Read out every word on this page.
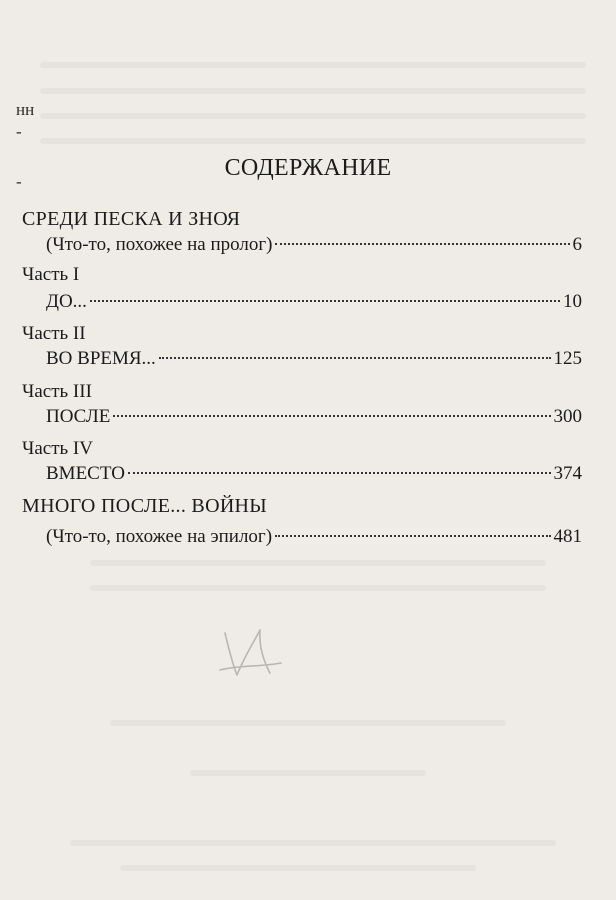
нн
-
-
СОДЕРЖАНИЕ
СРЕДИ ПЕСКА И ЗНОЯ
(Что-то, похожее на пролог)	6
Часть I
ДО...	10
Часть II
ВО ВРЕМЯ...	125
Часть III
ПОСЛЕ	300
Часть IV
ВМЕСТО	374
МНОГО ПОСЛЕ... ВОЙНЫ
(Что-то, похожее на эпилог)	481
